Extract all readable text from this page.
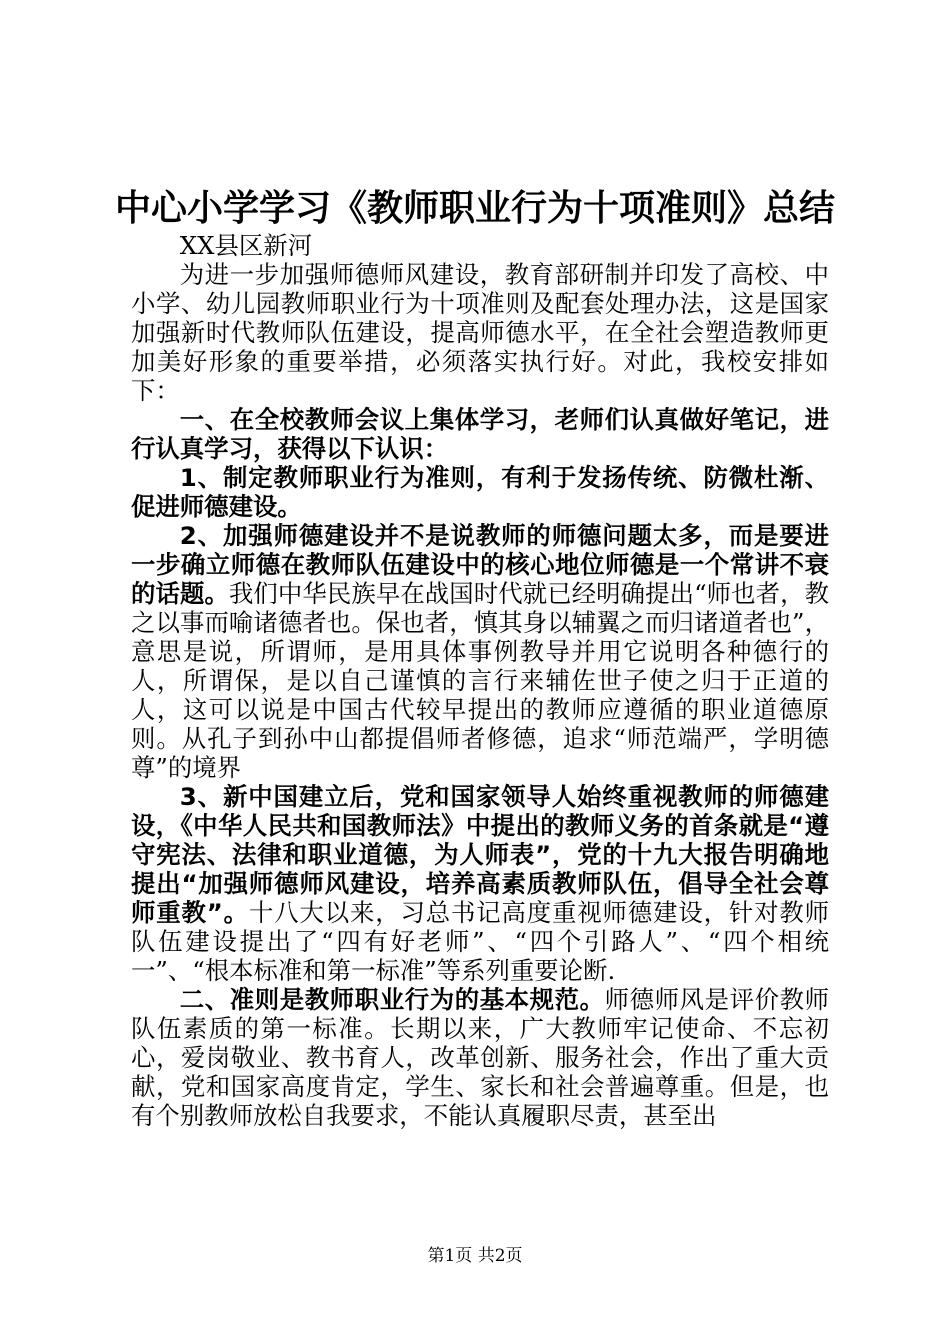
中心小学学习《教师职业行为十项准则》总结

XX县区新河

为进一步加强师德师风建设，教育部研制并印发了高校、中小学、幼儿园教师职业行为十项准则及配套处理办法，这是国家加强新时代教师队伍建设，提高师德水平，在全社会塑造教师更加美好形象的重要举措，必须落实执行好。对此，我校安排如下：

一、在全校教师会议上集体学习，老师们认真做好笔记，进行认真学习，获得以下认识：

1、制定教师职业行为准则，有利于发扬传统、防微杜渐、促进师德建设。

2、加强师德建设并不是说教师的师德问题太多，而是要进一步确立师德在教师队伍建设中的核心地位师德是一个常讲不衰的话题。我们中华民族早在战国时代就已经明确提出“师也者，教之以事而喻诸德者也。保也者，慎其身以辅翼之而归诸道者也”，意思是说，所谓师，是用具体事例教导并用它说明各种德行的人，所谓保，是以自己谨慎的言行来辅佐世子使之归于正道的人，这可以说是中国古代较早提出的教师应遵循的职业道德原则。从孔子到孙中山都提倡师者修德，追求“师范端严，学明德尊”的境界

3、新中国建立后，党和国家领导人始终重视教师的师德建设，《中华人民共和国教师法》中提出的教师义务的首条就是“遵守宪法、法律和职业道德，为人师表”，党的十九大报告明确地提出“加强师德师风建设，培养高素质教师队伍，倡导全社会尊师重教”。十八大以来，习总书记高度重视师德建设，针对教师队伍建设提出了“四有好老师”、“四个引路人”、“四个相统一”、“根本标准和第一标准”等系列重要论断.

二、准则是教师职业行为的基本规范。师德师风是评价教师队伍素质的第一标准。长期以来，广大教师牢记使命、不忘初心，爱岗敬业、教书育人，改革创新、服务社会，作出了重大贡献，党和国家高度肯定，学生、家长和社会普遍尊重。但是，也有个别教师放松自我要求，不能认真履职尽责，甚至出

第1页 共2页
